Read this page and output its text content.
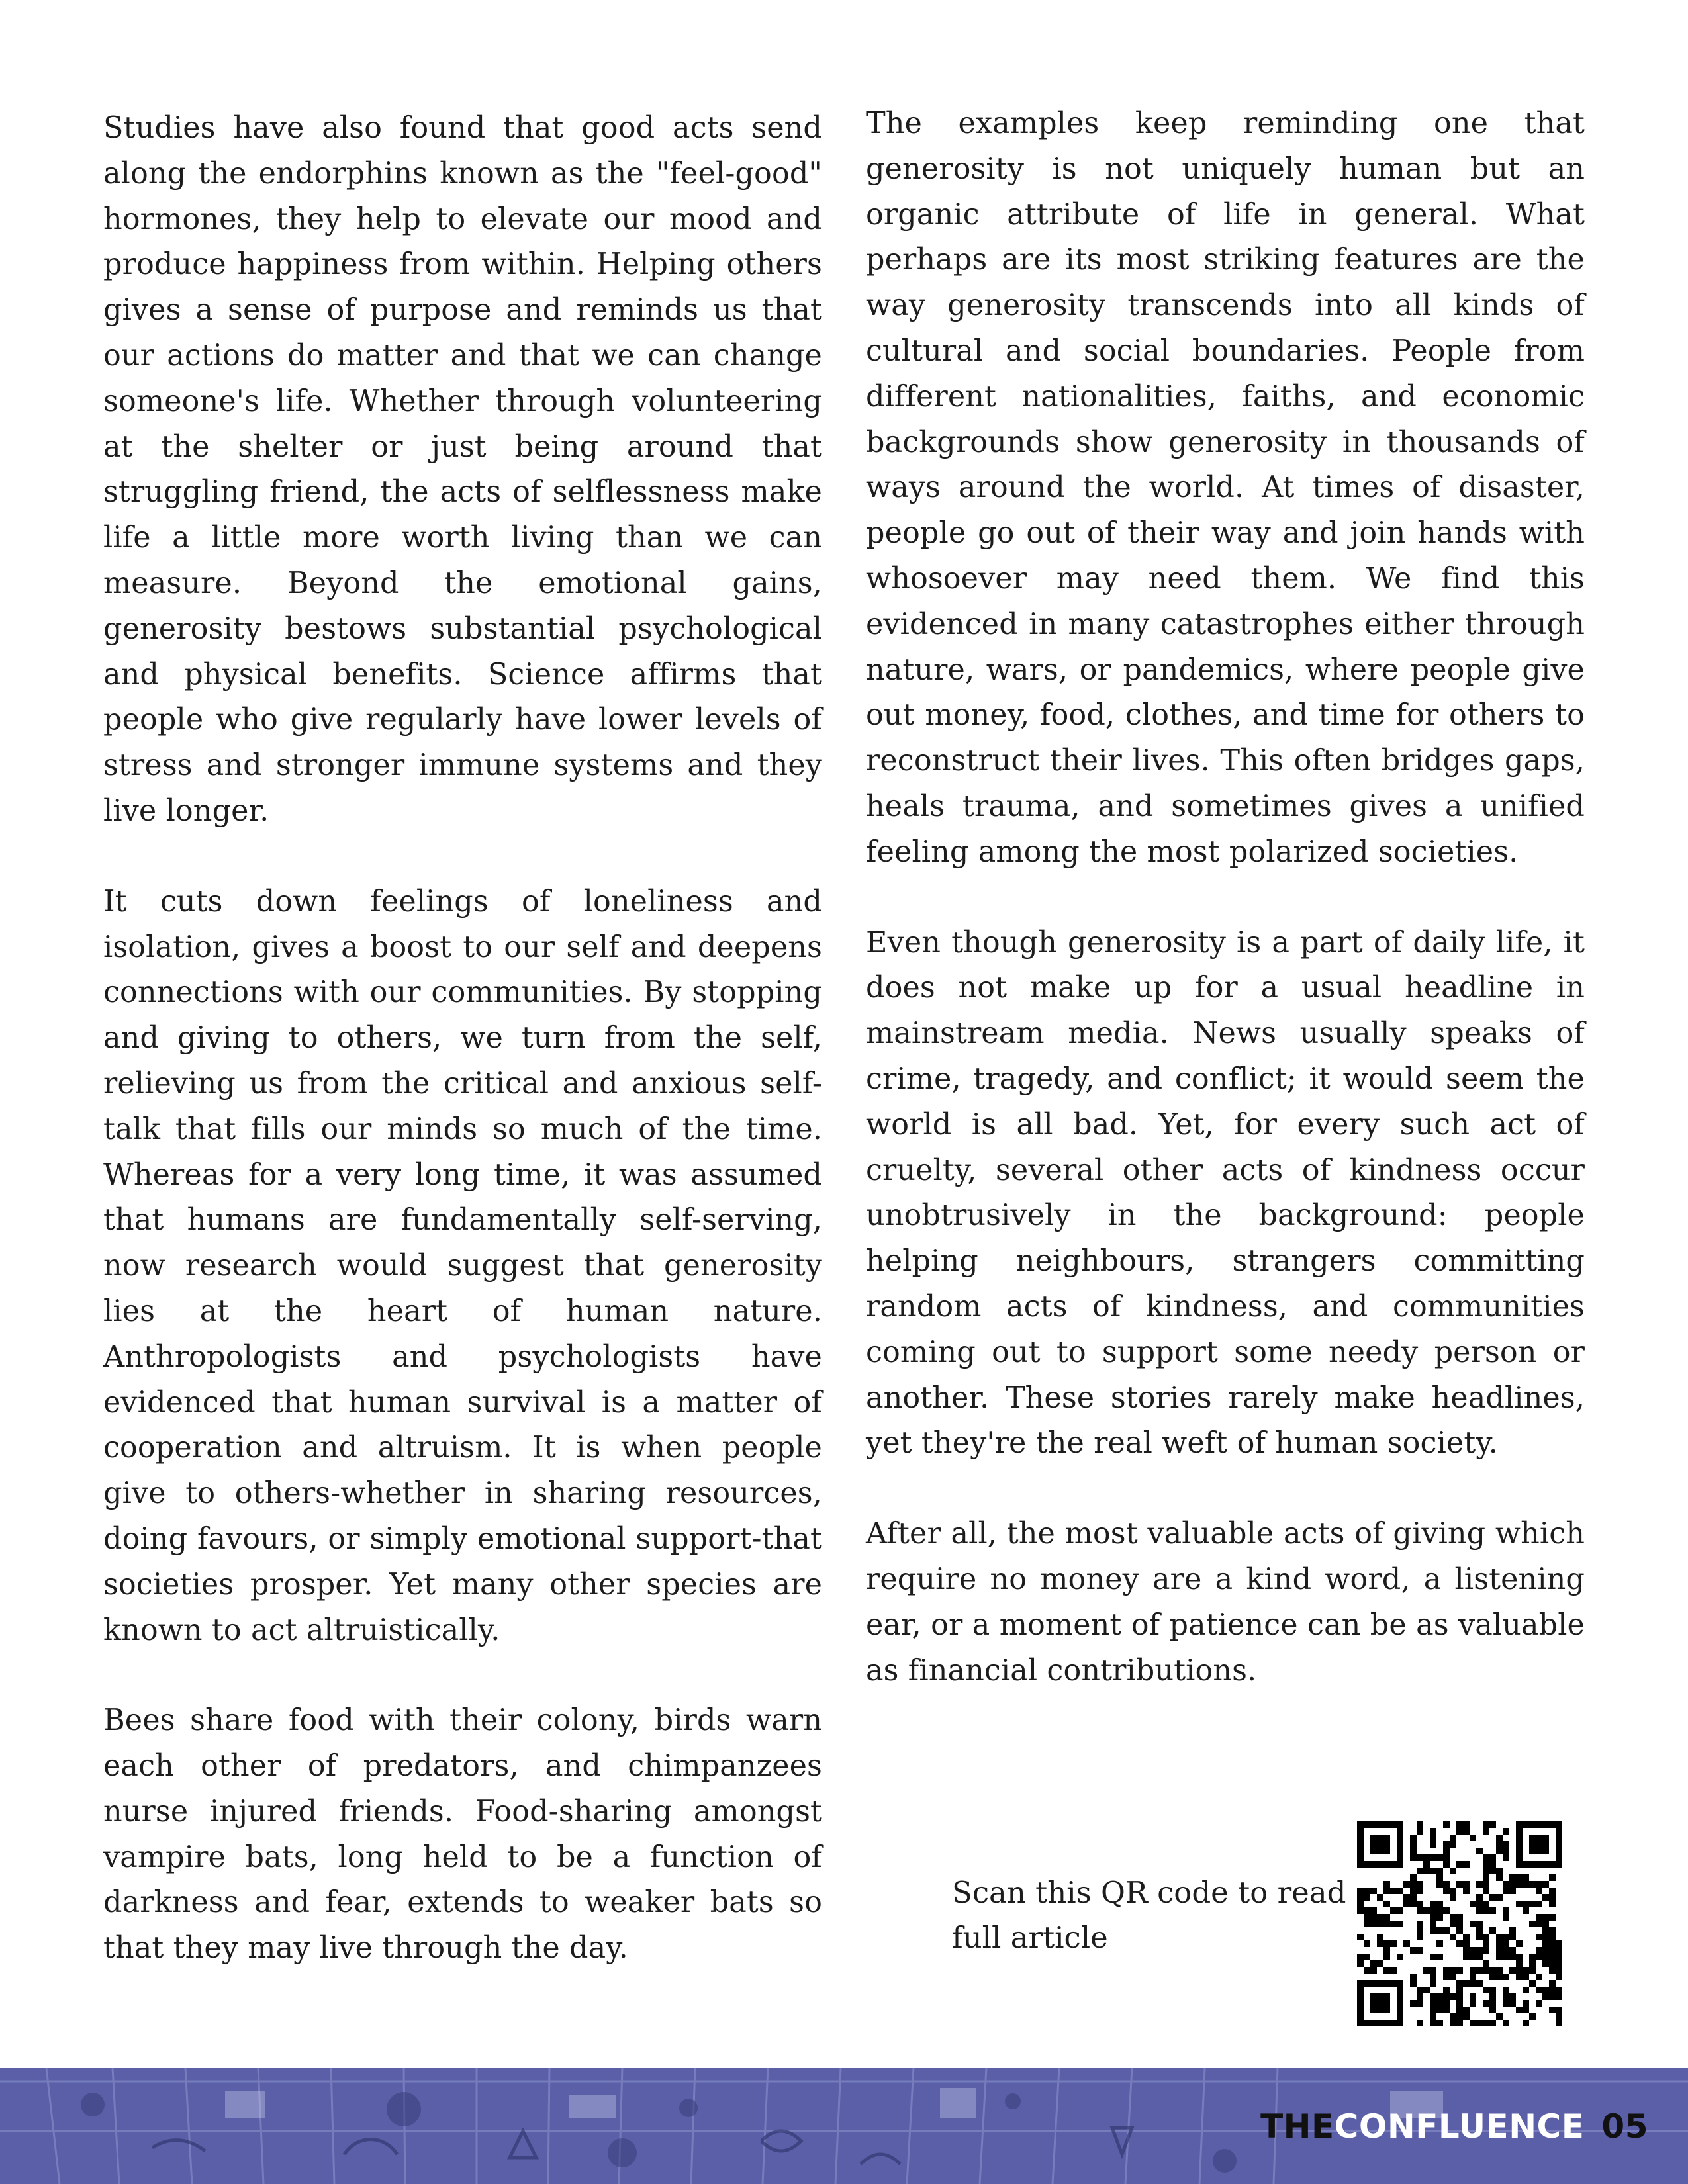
Studies have also found that good acts send along the endorphins known as the "feel-good" hormones, they help to elevate our mood and produce happiness from within. Helping others gives a sense of purpose and reminds us that our actions do matter and that we can change someone's life. Whether through volunteering at the shelter or just being around that struggling friend, the acts of selflessness make life a little more worth living than we can measure. Beyond the emotional gains, generosity bestows substantial psychological and physical benefits. Science affirms that people who give regularly have lower levels of stress and stronger immune systems and they live longer.

It cuts down feelings of loneliness and isolation, gives a boost to our self and deepens connections with our communities. By stopping and giving to others, we turn from the self, relieving us from the critical and anxious self-talk that fills our minds so much of the time. Whereas for a very long time, it was assumed that humans are fundamentally self-serving, now research would suggest that generosity lies at the heart of human nature. Anthropologists and psychologists have evidenced that human survival is a matter of cooperation and altruism. It is when people give to others-whether in sharing resources, doing favours, or simply emotional support-that societies prosper. Yet many other species are known to act altruistically.

Bees share food with their colony, birds warn each other of predators, and chimpanzees nurse injured friends. Food-sharing amongst vampire bats, long held to be a function of darkness and fear, extends to weaker bats so that they may live through the day.

The examples keep reminding one that generosity is not uniquely human but an organic attribute of life in general. What perhaps are its most striking features are the way generosity transcends into all kinds of cultural and social boundaries. People from different nationalities, faiths, and economic backgrounds show generosity in thousands of ways around the world. At times of disaster, people go out of their way and join hands with whosoever may need them. We find this evidenced in many catastrophes either through nature, wars, or pandemics, where people give out money, food, clothes, and time for others to reconstruct their lives. This often bridges gaps, heals trauma, and sometimes gives a unified feeling among the most polarized societies.

Even though generosity is a part of daily life, it does not make up for a usual headline in mainstream media. News usually speaks of crime, tragedy, and conflict; it would seem the world is all bad. Yet, for every such act of cruelty, several other acts of kindness occur unobtrusively in the background: people helping neighbours, strangers committing random acts of kindness, and communities coming out to support some needy person or another. These stories rarely make headlines, yet they're the real weft of human society.

After all, the most valuable acts of giving which require no money are a kind word, a listening ear, or a moment of patience can be as valuable as financial contributions.

Scan this QR code to read full article

THECONFLUENCE 05
